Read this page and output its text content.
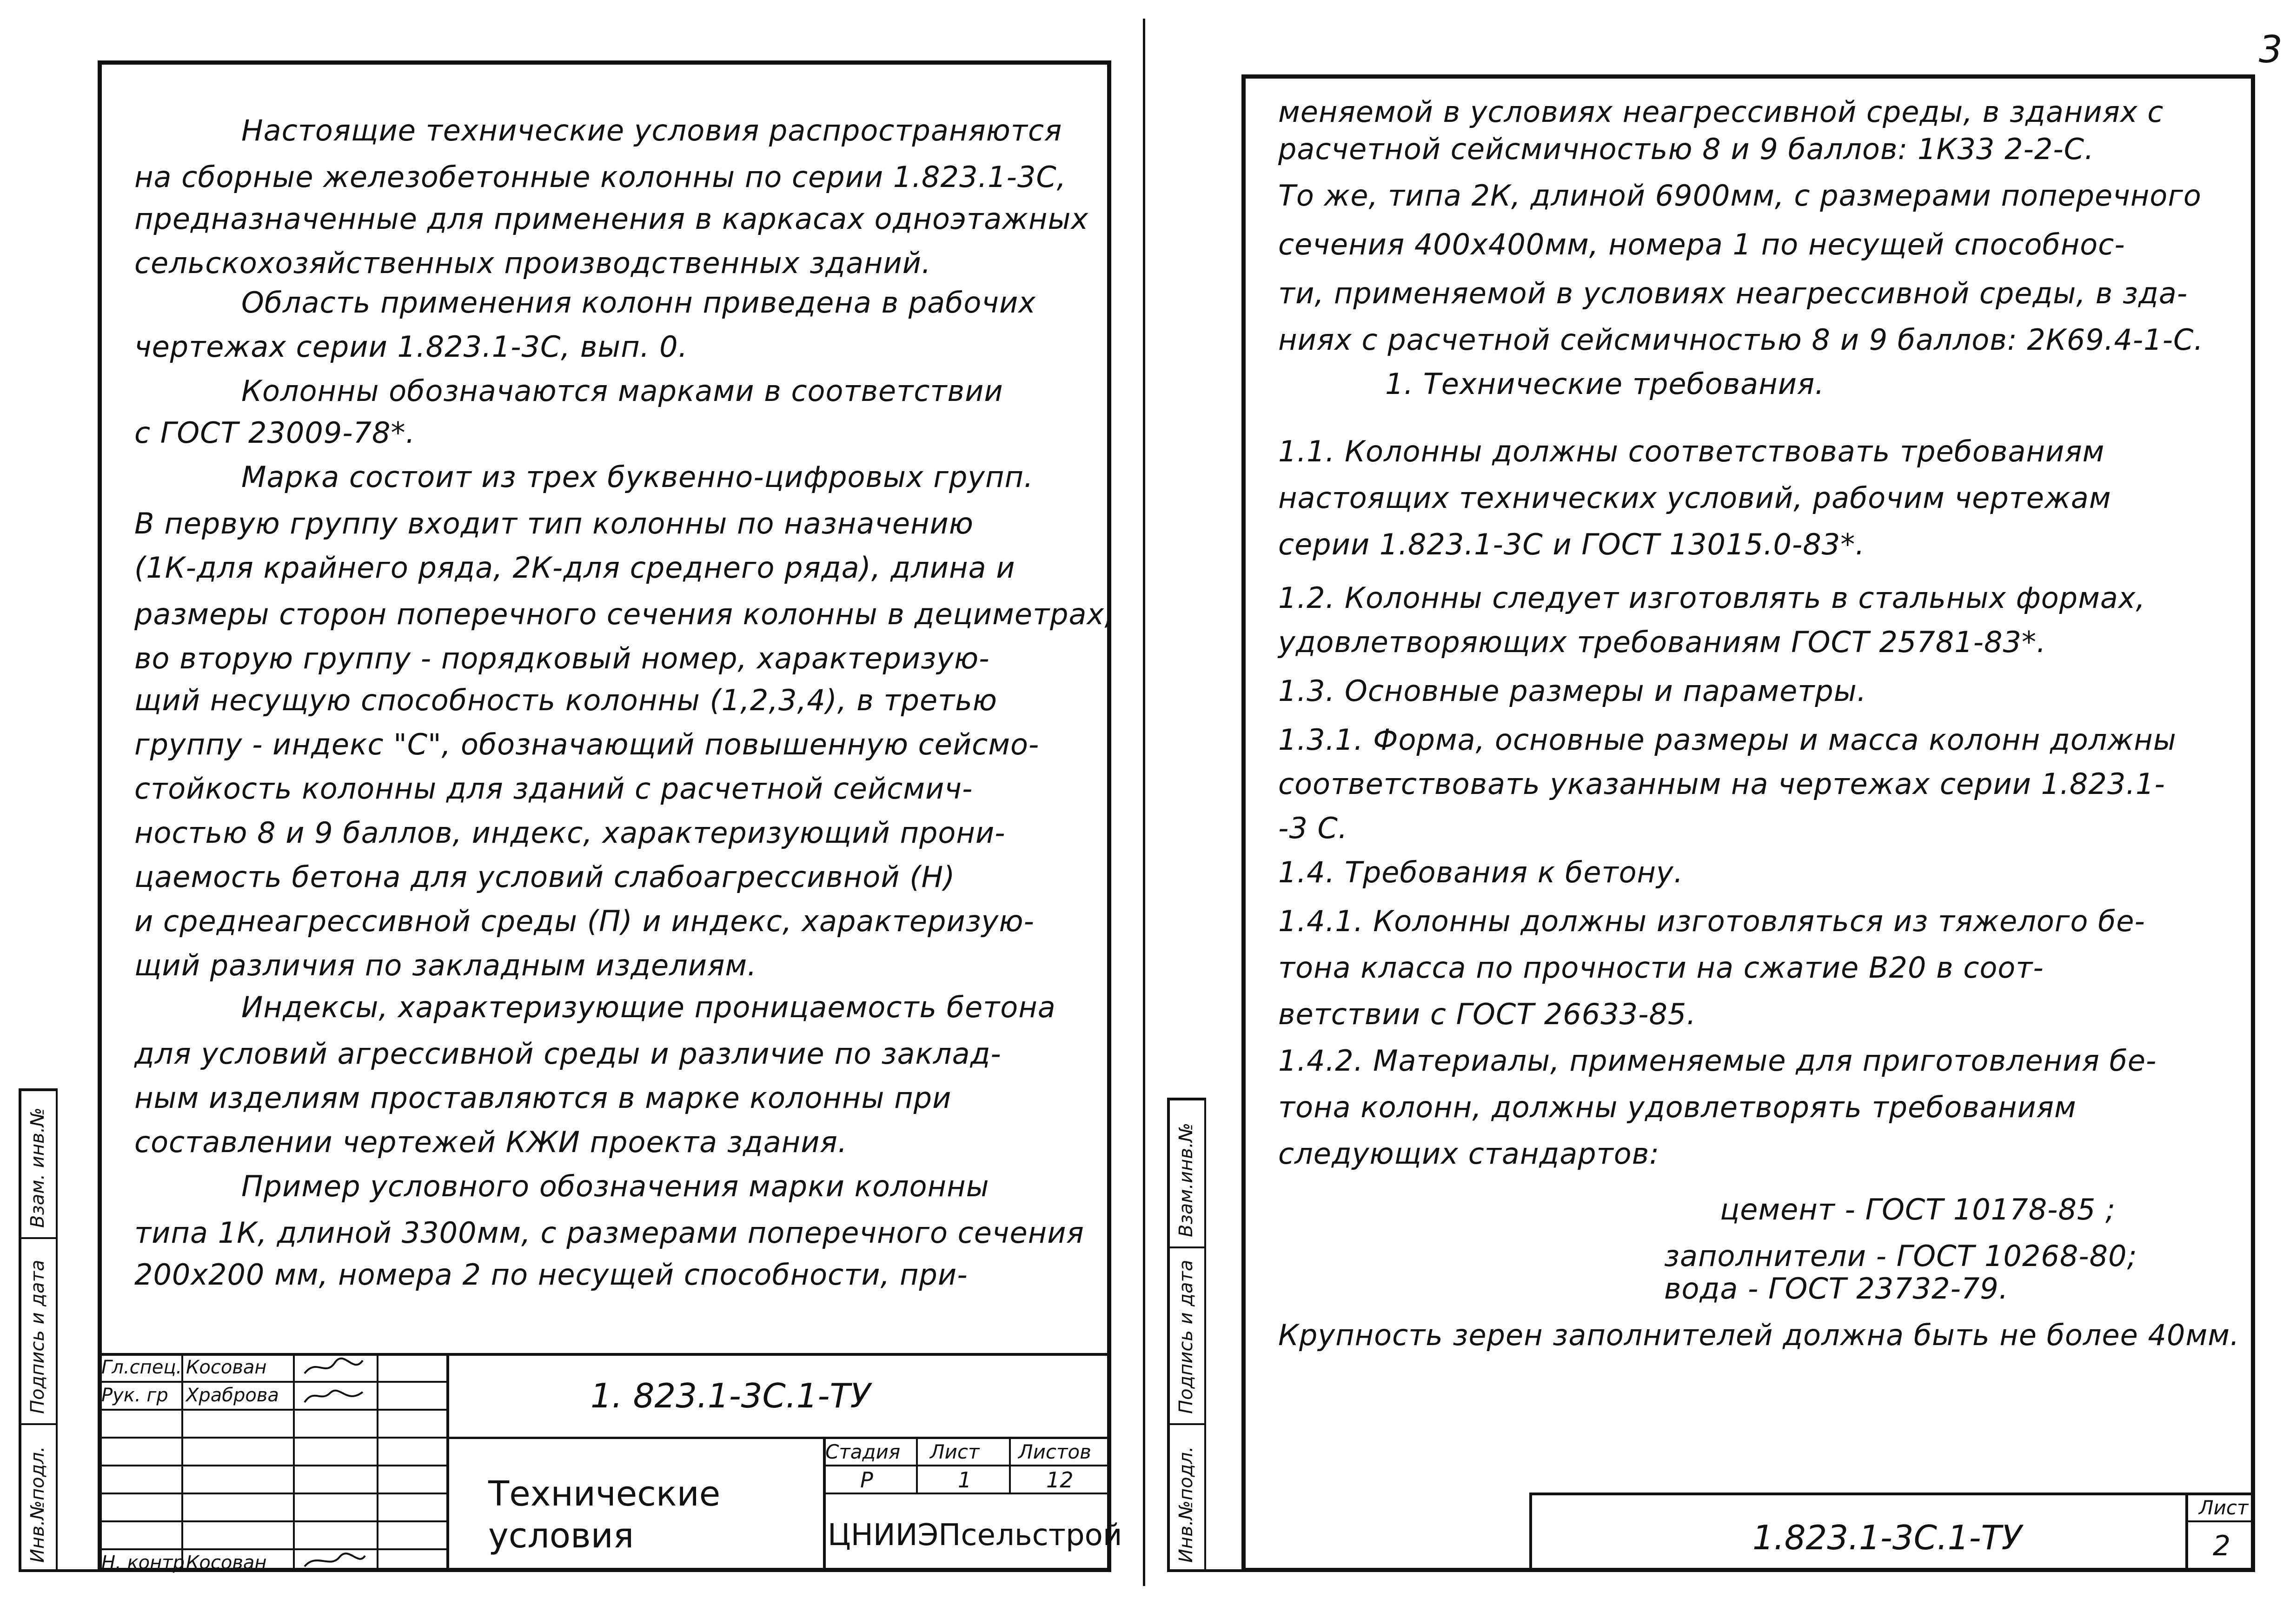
3
Настоящие технические условия распространяются
на сборные железобетонные колонны по серии 1.823.1-3С,
предназначенные для применения в каркасах одноэтажных
сельскохозяйственных производственных зданий.
Область применения колонн приведена в рабочих
чертежах серии 1.823.1-3С, вып. 0.
Колонны обозначаются марками в соответствии
с ГОСТ 23009-78*.
Марка состоит из трех буквенно-цифровых групп.
В первую группу входит тип колонны по назначению
(1К-для крайнего ряда, 2К-для среднего ряда), длина и
размеры сторон поперечного сечения колонны в дециметрах,
во вторую группу - порядковый номер, характеризую-
щий несущую способность колонны (1,2,3,4), в третью
группу - индекс "С", обозначающий повышенную сейсмо-
стойкость колонны для зданий с расчетной сейсмич-
ностью 8 и 9 баллов, индекс, характеризующий прони-
цаемость бетона для условий слабоагрессивной (Н)
и среднеагрессивной среды (П) и индекс, характеризую-
щий различия по закладным изделиям.
Индексы, характеризующие проницаемость бетона
для условий агрессивной среды и различие по заклад-
ным изделиям проставляются в марке колонны при
составлении чертежей КЖИ проекта здания.
Пример условного обозначения марки колонны
типа 1К, длиной 3300мм, с размерами поперечного сечения
200х200 мм, номера 2 по несущей способности, при-
Гл.спец. Косован
Рук. гр Храброва
Н. контр Косован
1. 823.1-3С.1-ТУ
Технические
условия
Стадия Лист Листов
Р	1	12
ЦНИИЭПсельстрой
Инв.№подл.
Подпись и дата
Взам. инв.№
меняемой в условиях неагрессивной среды, в зданиях с
расчетной сейсмичностью 8 и 9 баллов: 1К33 2-2-С.
То же, типа 2К, длиной 6900мм, с размерами поперечного
сечения 400х400мм, номера 1 по несущей способнос-
ти, применяемой в условиях неагрессивной среды, в зда-
ниях с расчетной сейсмичностью 8 и 9 баллов: 2К69.4-1-С.
1. Технические требования.
1.1. Колонны должны соответствовать требованиям
настоящих технических условий, рабочим чертежам
серии 1.823.1-3С и ГОСТ 13015.0-83*.
1.2. Колонны следует изготовлять в стальных формах,
удовлетворяющих требованиям ГОСТ 25781-83*.
1.3. Основные размеры и параметры.
1.3.1. Форма, основные размеры и масса колонн должны
соответствовать указанным на чертежах серии 1.823.1-
-3 С.
1.4. Требования к бетону.
1.4.1. Колонны должны изготовляться из тяжелого бе-
тона класса по прочности на сжатие В20 в соот-
ветствии с ГОСТ 26633-85.
1.4.2. Материалы, применяемые для приготовления бе-
тона колонн, должны удовлетворять требованиям
следующих стандартов:
цемент - ГОСТ 10178-85 ;
заполнители - ГОСТ 10268-80;
вода - ГОСТ 23732-79.
Крупность зерен заполнителей должна быть не более 40мм.
1.823.1-3С.1-ТУ
Лист
2
Инв.№подл.
Подпись и дата
Взам.инв.№
